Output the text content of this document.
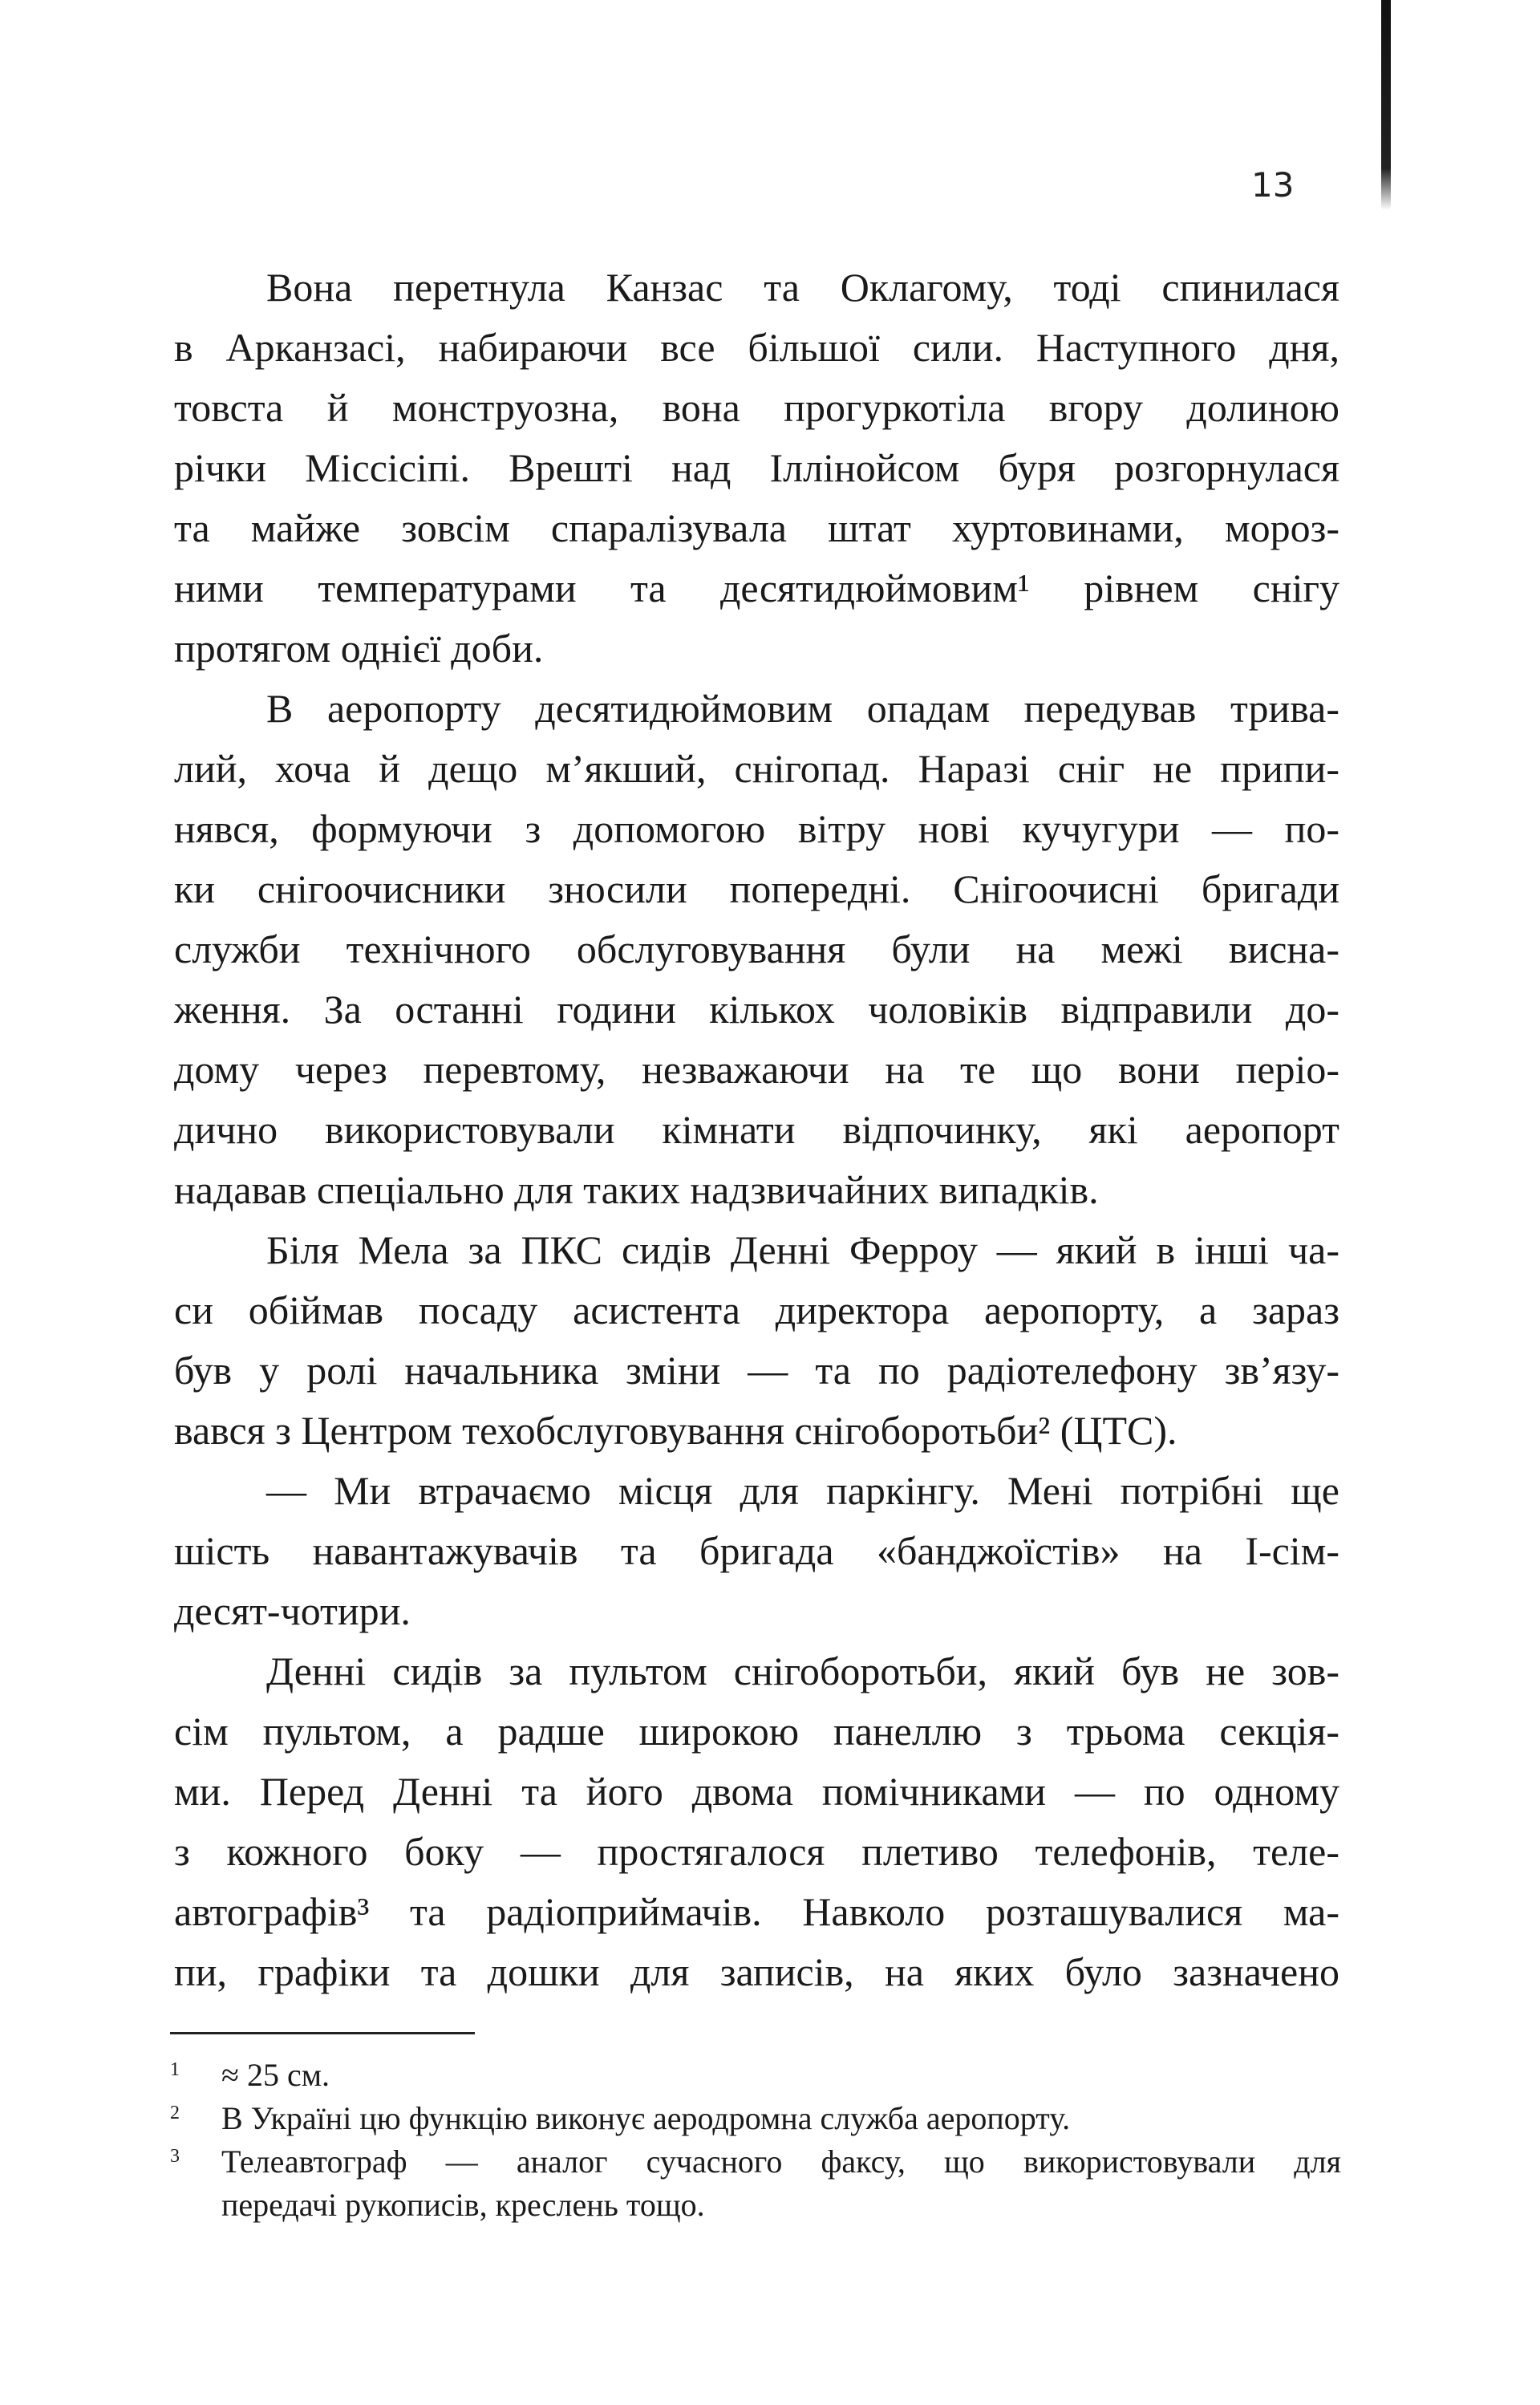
13
Вона перетнула Канзас та Оклагому, тоді спинилася
в Арканзасі, набираючи все більшої сили. Наступного дня,
товста й монструозна, вона прогуркотіла вгору долиною
річки Міссісіпі. Врешті над Іллінойсом буря розгорнулася
та майже зовсім спаралізувала штат хуртовинами, мороз-
ними температурами та десятидюймовим¹ рівнем снігу
протягом однієї доби.
В аеропорту десятидюймовим опадам передував трива-
лий, хоча й дещо м’якший, снігопад. Наразі сніг не припи-
нявся, формуючи з допомогою вітру нові кучугури — по-
ки снігоочисники зносили попередні. Снігоочисні бригади
служби технічного обслуговування були на межі висна-
ження. За останні години кількох чоловіків відправили до-
дому через перевтому, незважаючи на те що вони періо-
дично використовували кімнати відпочинку, які аеропорт
надавав спеціально для таких надзвичайних випадків.
Біля Мела за ПКС сидів Денні Ферроу — який в інші ча-
си обіймав посаду асистента директора аеропорту, а зараз
був у ролі начальника зміни — та по радіотелефону зв’язу-
вався з Центром техобслуговування снігоборотьби² (ЦТС).
— Ми втрачаємо місця для паркінгу. Мені потрібні ще
шість навантажувачів та бригада «банджоїстів» на І-сім-
десят-чотири.
Денні сидів за пультом снігоборотьби, який був не зов-
сім пультом, а радше широкою панеллю з трьома секція-
ми. Перед Денні та його двома помічниками — по одному
з кожного боку — простягалося плетиво телефонів, теле-
автографів³ та радіоприймачів. Навколо розташувалися ма-
пи, графіки та дошки для записів, на яких було зазначено
1	≈ 25 см.
2	В Україні цю функцію виконує аеродромна служба аеропорту.
3	Телеавтограф — аналог сучасного факсу, що використовували для
передачі рукописів, креслень тощо.
